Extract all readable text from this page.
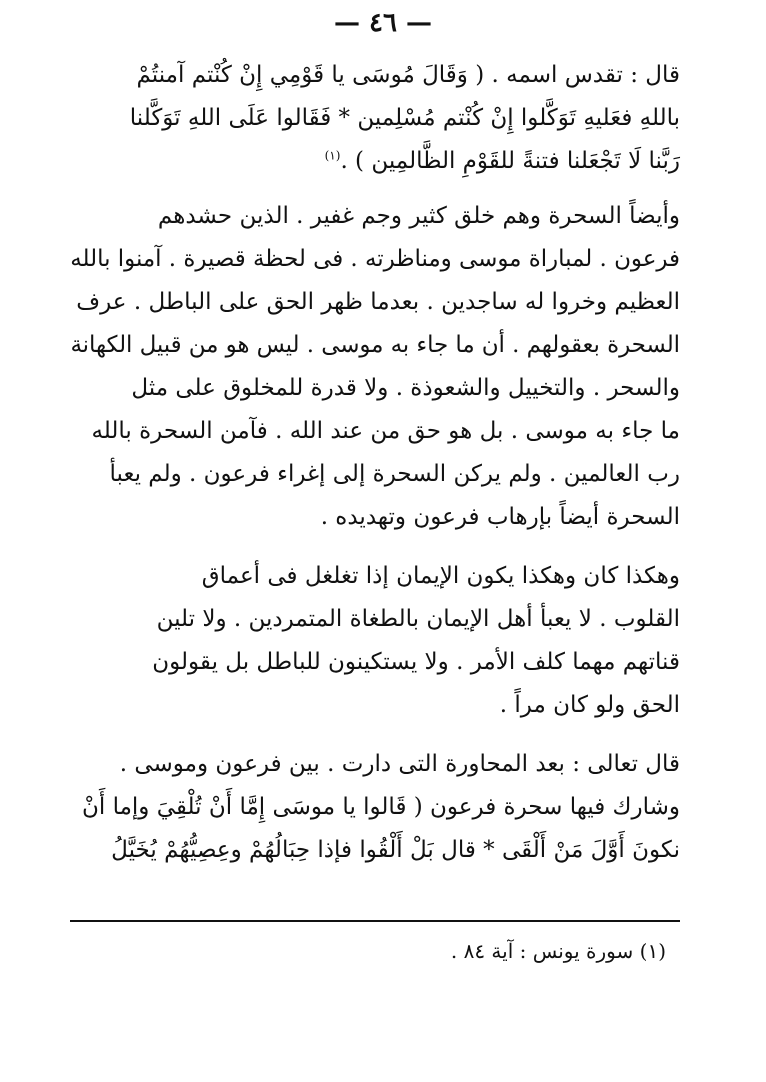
— ٤٦ —

قال : تقدس اسمه . ( وَقَالَ مُوسَى يا قَوْمِي إِنْ كُنْتم آمنتُمْ
باللهِ فعَليهِ تَوَكَّلوا إِنْ كُنْتم مُسْلِمين * فَقَالوا عَلَى اللهِ تَوَكَّلنا
رَبَّنا لَا تَجْعَلنا فتنةً للقَوْمِ الظَّالمِين ) .$^{(١)}$

وأيضاً السحرة وهم خلق كثير وجم غفير . الذين حشدهم
فرعون . لمباراة موسى ومناظرته . فى لحظة قصيرة . آمنوا بالله
العظيم وخروا له ساجدين . بعدما ظهر الحق على الباطل . عرف
السحرة بعقولهم . أن ما جاء به موسى . ليس هو من قبيل الكهانة
والسحر . والتخييل والشعوذة . ولا قدرة للمخلوق على مثل
ما جاء به موسى . بل هو حق من عند الله . فآمن السحرة بالله
رب العالمين . ولم يركن السحرة إلى إغراء فرعون . ولم يعبأ
السحرة أيضاً بإرهاب فرعون وتهديده .

وهكذا كان وهكذا يكون الإيمان إذا تغلغل فى أعماق
القلوب . لا يعبأ أهل الإيمان بالطغاة المتمردين . ولا تلين
قناتهم مهما كلف الأمر . ولا يستكينون للباطل بل يقولون
الحق ولو كان مراً .

قال تعالى : بعد المحاورة التى دارت . بين فرعون وموسى .
وشارك فيها سحرة فرعون ( قَالوا يا موسَى إِمَّا أَنْ تُلْقِيَ وإما أَنْ
نكونَ أَوَّلَ مَنْ أَلْقَى * قال بَلْ أَلْقُوا فإذا حِبَالُهُمْ وعِصِيُّهُمْ يُخَيَّلُ

(١) سورة يونس : آية ٨٤ .
